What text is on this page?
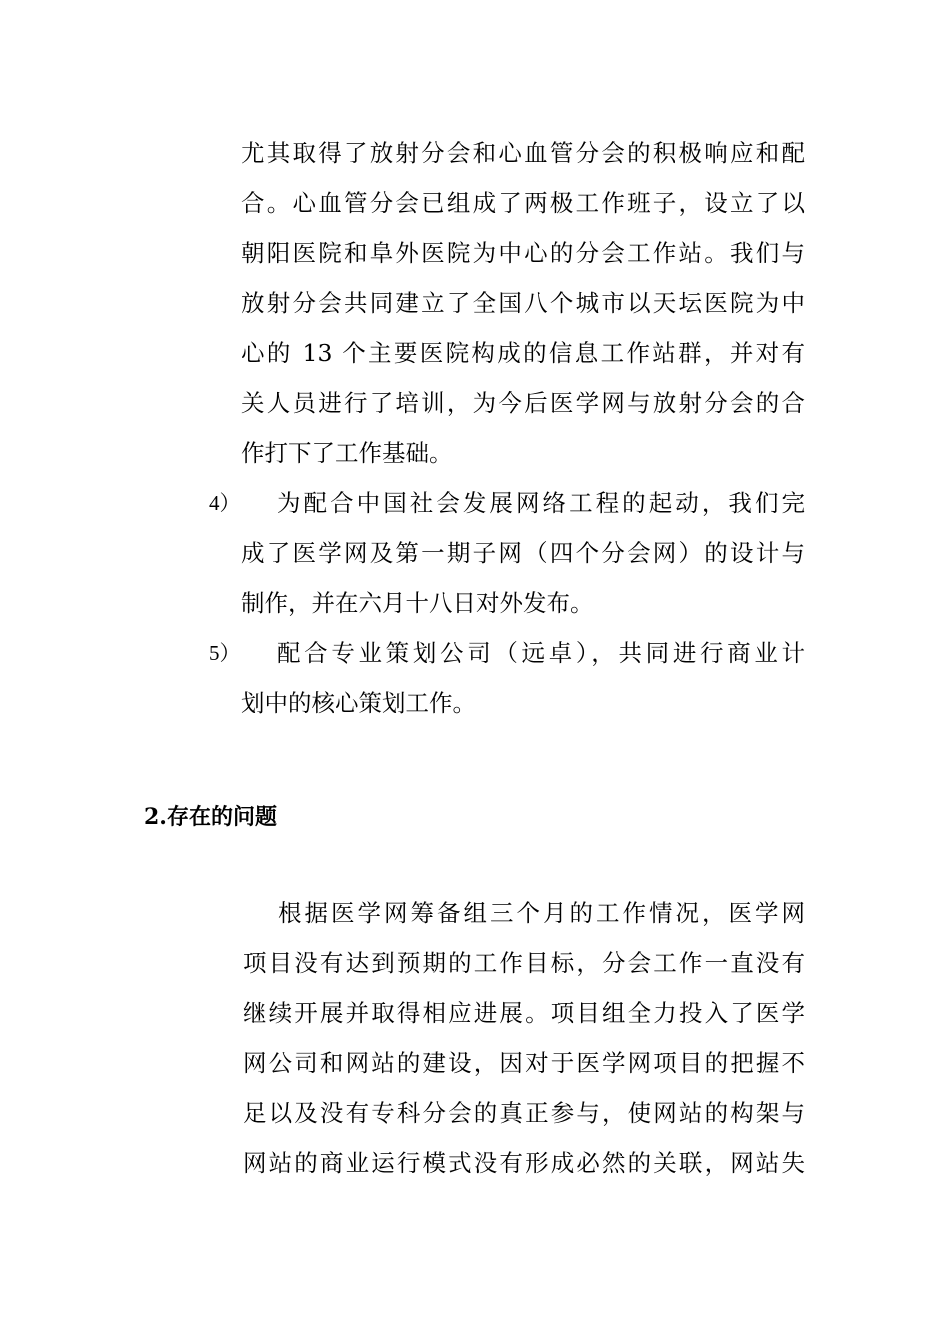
尤其取得了放射分会和心血管分会的积极响应和配
合。心血管分会已组成了两极工作班子，设立了以
朝阳医院和阜外医院为中心的分会工作站。我们与
放射分会共同建立了全国八个城市以天坛医院为中
心的 13 个主要医院构成的信息工作站群，并对有
关人员进行了培训，为今后医学网与放射分会的合
作打下了工作基础。
4） 为配合中国社会发展网络工程的起动，我们完
成了医学网及第一期子网（四个分会网）的设计与
制作，并在六月十八日对外发布。
5） 配合专业策划公司（远卓），共同进行商业计
划中的核心策划工作。
2.存在的问题
根据医学网筹备组三个月的工作情况，医学网
项目没有达到预期的工作目标，分会工作一直没有
继续开展并取得相应进展。项目组全力投入了医学
网公司和网站的建设，因对于医学网项目的把握不
足以及没有专科分会的真正参与，使网站的构架与
网站的商业运行模式没有形成必然的关联，网站失
